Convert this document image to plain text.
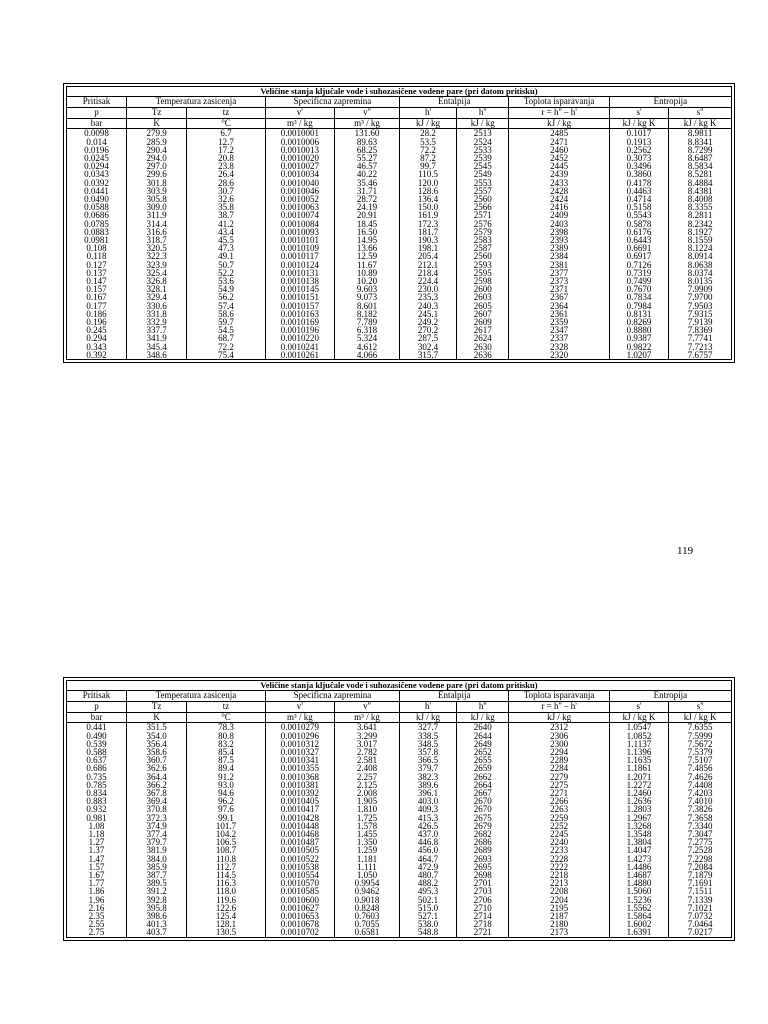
Veličine stanja kljuĉale vode i suhozasiĉene vodene pare (pri datom pritisku)									
Pritisak	Temperatura zasicenja		Specificna zapremina		Entalpija		Toplota isparavanja	Entropija	
p	Tz	tz	v'	v''	h'	h''	r = h'' – h'	s'	s''
bar	K	°C	m³ / kg	m³ / kg	kJ / kg	kJ / kg	kJ / kg	kJ / kg K	kJ / kg K
0.0098	279.9	6.7	0.0010001	131.60	28.2	2513	2485	0.1017	8.9811
0.014	285.9	12.7	0.0010006	89.63	53.5	2524	2471	0.1913	8.8341
0.0196	290.4	17.2	0.0010013	68.25	72.2	2533	2460	0.2562	8.7299
0.0245	294.0	20.8	0.0010020	55.27	87.2	2539	2452	0.3073	8.6487
0.0294	297.0	23.8	0.0010027	46.57	99.7	2545	2445	0.3496	8.5834
0.0343	299.6	26.4	0.0010034	40.22	110.5	2549	2439	0.3860	8.5281
0.0392	301.8	28.6	0.0010040	35.46	120.0	2553	2433	0.4178	8.4884
0.0441	303.9	30.7	0.0010046	31.71	128.6	2557	2428	0.4463	8.4381
0.0490	305.8	32.6	0.0010052	28.72	136.4	2560	2424	0.4714	8.4008
0.0588	309.0	35.8	0.0010063	24.19	150.0	2566	2416	0.5158	8.3355
0.0686	311.9	38.7	0.0010074	20.91	161.9	2571	2409	0.5543	8.2811
0.0785	314.4	41.2	0.0010084	18.45	172.3	2576	2403	0.5878	8.2342
0.0883	316.6	43.4	0.0010093	16.50	181.7	2579	2398	0.6176	8.1927
0.0981	318.7	45.5	0.0010101	14.95	190.3	2583	2393	0.6443	8.1559
0.108	320.5	47.3	0.0010109	13.66	198.1	2587	2389	0.6691	8.1224
0.118	322.3	49.1	0.0010117	12.59	205.4	2560	2384	0.6917	8.0914
0.127	323.9	50.7	0.0010124	11.67	212.1	2593	2381	0.7126	8.0638
0.137	325.4	52.2	0.0010131	10.89	218.4	2595	2377	0.7319	8.0374
0.147	326.8	53.6	0.0010138	10.20	224.4	2598	2373	0.7499	8.0135
0.157	328.1	54.9	0.0010145	9.603	230.0	2600	2371	0.7670	7.9909
0.167	329.4	56.2	0.0010151	9.073	235.3	2603	2367	0.7834	7.9700
0.177	330.6	57.4	0.0010157	8.601	240.3	2605	2364	0.7984	7.9503
0.186	331.8	58.6	0.0010163	8.182	245.1	2607	2361	0.8131	7.9315
0.196	332.9	59.7	0.0010169	7.789	249.2	2609	2359	0.8269	7.9139
0.245	337.7	54.5	0.0010196	6.318	270.2	2617	2347	0.8880	7.8369
0.294	341.9	68.7	0.0010220	5.324	287.5	2624	2337	0.9387	7.7741
0.343	345.4	72.2	0.0010241	4.612	302.4	2630	2328	0.9822	7.7213
0.392	348.6	75.4	0.0010261	4.066	315.7	2636	2320	1.0207	7.6757
119
Veličine stanja kljuĉale vode i suhozasiĉene vodene pare (pri datom pritisku)									
Pritisak	Temperatura zasicenja		Specificna zapremina		Entalpija		Toplota isparavanja	Entropija	
p	Tz	tz	v'	v''	h'	h''	r = h'' – h'	s'	s''
bar	K	°C	m³ / kg	m³ / kg	kJ / kg	kJ / kg	kJ / kg	kJ / kg K	kJ / kg K
0.441	351.5	78.3	0.0010279	3.641	327.7	2640	2312	1.0547	7.6355
0.490	354.0	80.8	0.0010296	3.299	338.5	2644	2306	1.0852	7.5999
0.539	356.4	83.2	0.0010312	3.017	348.5	2649	2300	1.1137	7.5672
0.588	358.6	85.4	0.0010327	2.782	357.8	2652	2294	1.1396	7.5379
0.637	360.7	87.5	0.0010341	2.581	366.5	2655	2289	1.1635	7.5107
0.686	362.6	89.4	0.0010355	2.408	379.7	2659	2284	1.1861	7.4856
0.735	364.4	91.2	0.0010368	2.257	382.3	2662	2279	1.2071	7.4626
0.785	366.2	93.0	0.0010381	2.125	389.6	2664	2275	1.2272	7.4408
0.834	367.8	94.6	0.0010392	2.008	396.1	2667	2271	1.2460	7.4203
0.883	369.4	96.2	0.0010405	1.905	403.0	2670	2266	1.2636	7.4010
0.932	370.8	97.6	0.0010417	1.810	409.3	2670	2263	1.2803	7.3826
0.981	372.3	99.1	0.0010428	1.725	415.3	2675	2259	1.2967	7.3658
1.08	374.9	101.7	0.0010448	1.578	426.5	2679	2252	1.3268	7.3340
1.18	377.4	104.2	0.0010468	1.455	437.0	2682	2245	1.3548	7.3047
1.27	379.7	106.5	0.0010487	1.350	446.8	2686	2240	1.3804	7.2775
1.37	381.9	108.7	0.0010505	1.259	456.0	2689	2233	1.4047	7.2528
1.47	384.0	110.8	0.0010522	1.181	464.7	2693	2228	1.4273	7.2298
1.57	385.9	112.7	0.0010538	1.111	472.9	2695	2222	1.4486	7.2084
1.67	387.7	114.5	0.0010554	1.050	480.7	2698	2218	1.4687	7.1879
1.77	389.5	116.3	0.0010570	0.9954	488.2	2701	2213	1.4880	7.1691
1.86	391.2	118.0	0.0010585	0.9462	495.3	2703	2208	1.5060	7.1511
1.96	392.8	119.6	0.0010600	0.9018	502.1	2706	2204	1.5236	7.1339
2.16	395.8	122.6	0.0010627	0.8248	515.0	2710	2195	1.5562	7.1021
2.35	398.6	125.4	0.0010653	0.7603	527.1	2714	2187	1.5864	7.0732
2.55	401.3	128.1	0.0010678	0.7055	538.0	2718	2180	1.6002	7.0464
2.75	403.7	130.5	0.0010702	0.6581	548.8	2721	2173	1.6391	7.0217
